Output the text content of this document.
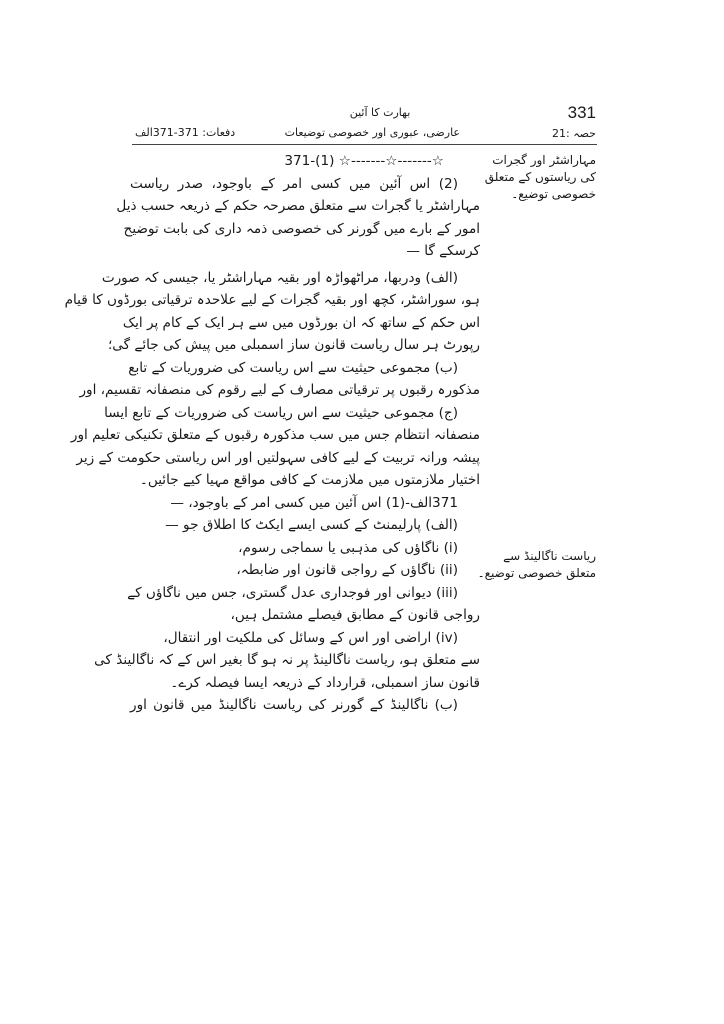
331
حصہ :21
بھارت کا آئین
عارضی، عبوری اور خصوصی توضیعات
دفعات: 371-371الف
مہاراشٹر اور گجرات
کی ریاستوں کے متعلق
خصوصی توضیع۔
ریاست ناگالینڈ سے
متعلق خصوصی توضیع۔
☆-------☆-------☆ (1)-371
(2) اس آئین میں کسی امر کے باوجود، صدر ریاست
مہاراشٹر یا گجرات سے متعلق مصرحہ حکم کے ذریعہ حسب ذیل
امور کے بارے میں گورنر کی خصوصی ذمہ داری کی بابت توضیح
کرسکے گا —
(الف) ودربھا، مراٹھواڑہ اور بقیہ مہاراشٹر یا، جیسی کہ صورت
ہو، سوراشٹر، کچھ اور بقیہ گجرات کے لیے علاحدہ ترقیاتی بورڈوں کا قیام
اس حکم کے ساتھ کہ ان بورڈوں میں سے ہر ایک کے کام پر ایک
رپورٹ ہر سال ریاست قانون ساز اسمبلی میں پیش کی جائے گی؛
(ب) مجموعی حیثیت سے اس ریاست کی ضروریات کے تابع
مذکورہ رقبوں پر ترقیاتی مصارف کے لیے رقوم کی منصفانہ تقسیم، اور
(ج) مجموعی حیثیت سے اس ریاست کی ضروریات کے تابع ایسا
منصفانہ انتظام جس میں سب مذکورہ رقبوں کے متعلق تکنیکی تعلیم اور
پیشہ ورانہ تربیت کے لیے کافی سہولتیں اور اس ریاستی حکومت کے زیر
اختیار ملازمتوں میں ملازمت کے کافی مواقع مہیا کیے جائیں۔
371الف-(1) اس آئین میں کسی امر کے باوجود، —
(الف) پارلیمنٹ کے کسی ایسے ایکٹ کا اطلاق جو —
(i) ناگاؤں کی مذہبی یا سماجی رسوم،
(ii) ناگاؤں کے رواجی قانون اور ضابطہ،
(iii) دیوانی اور فوجداری عدل گستری، جس میں ناگاؤں کے
رواجی قانون کے مطابق فیصلے مشتمل ہیں،
(iv) اراضی اور اس کے وسائل کی ملکیت اور انتقال،
سے متعلق ہو، ریاست ناگالینڈ پر نہ ہو گا بغیر اس کے کہ ناگالینڈ کی
قانون ساز اسمبلی، قرارداد کے ذریعہ ایسا فیصلہ کرے۔
(ب) ناگالینڈ کے گورنر کی ریاست ناگالینڈ میں قانون اور
